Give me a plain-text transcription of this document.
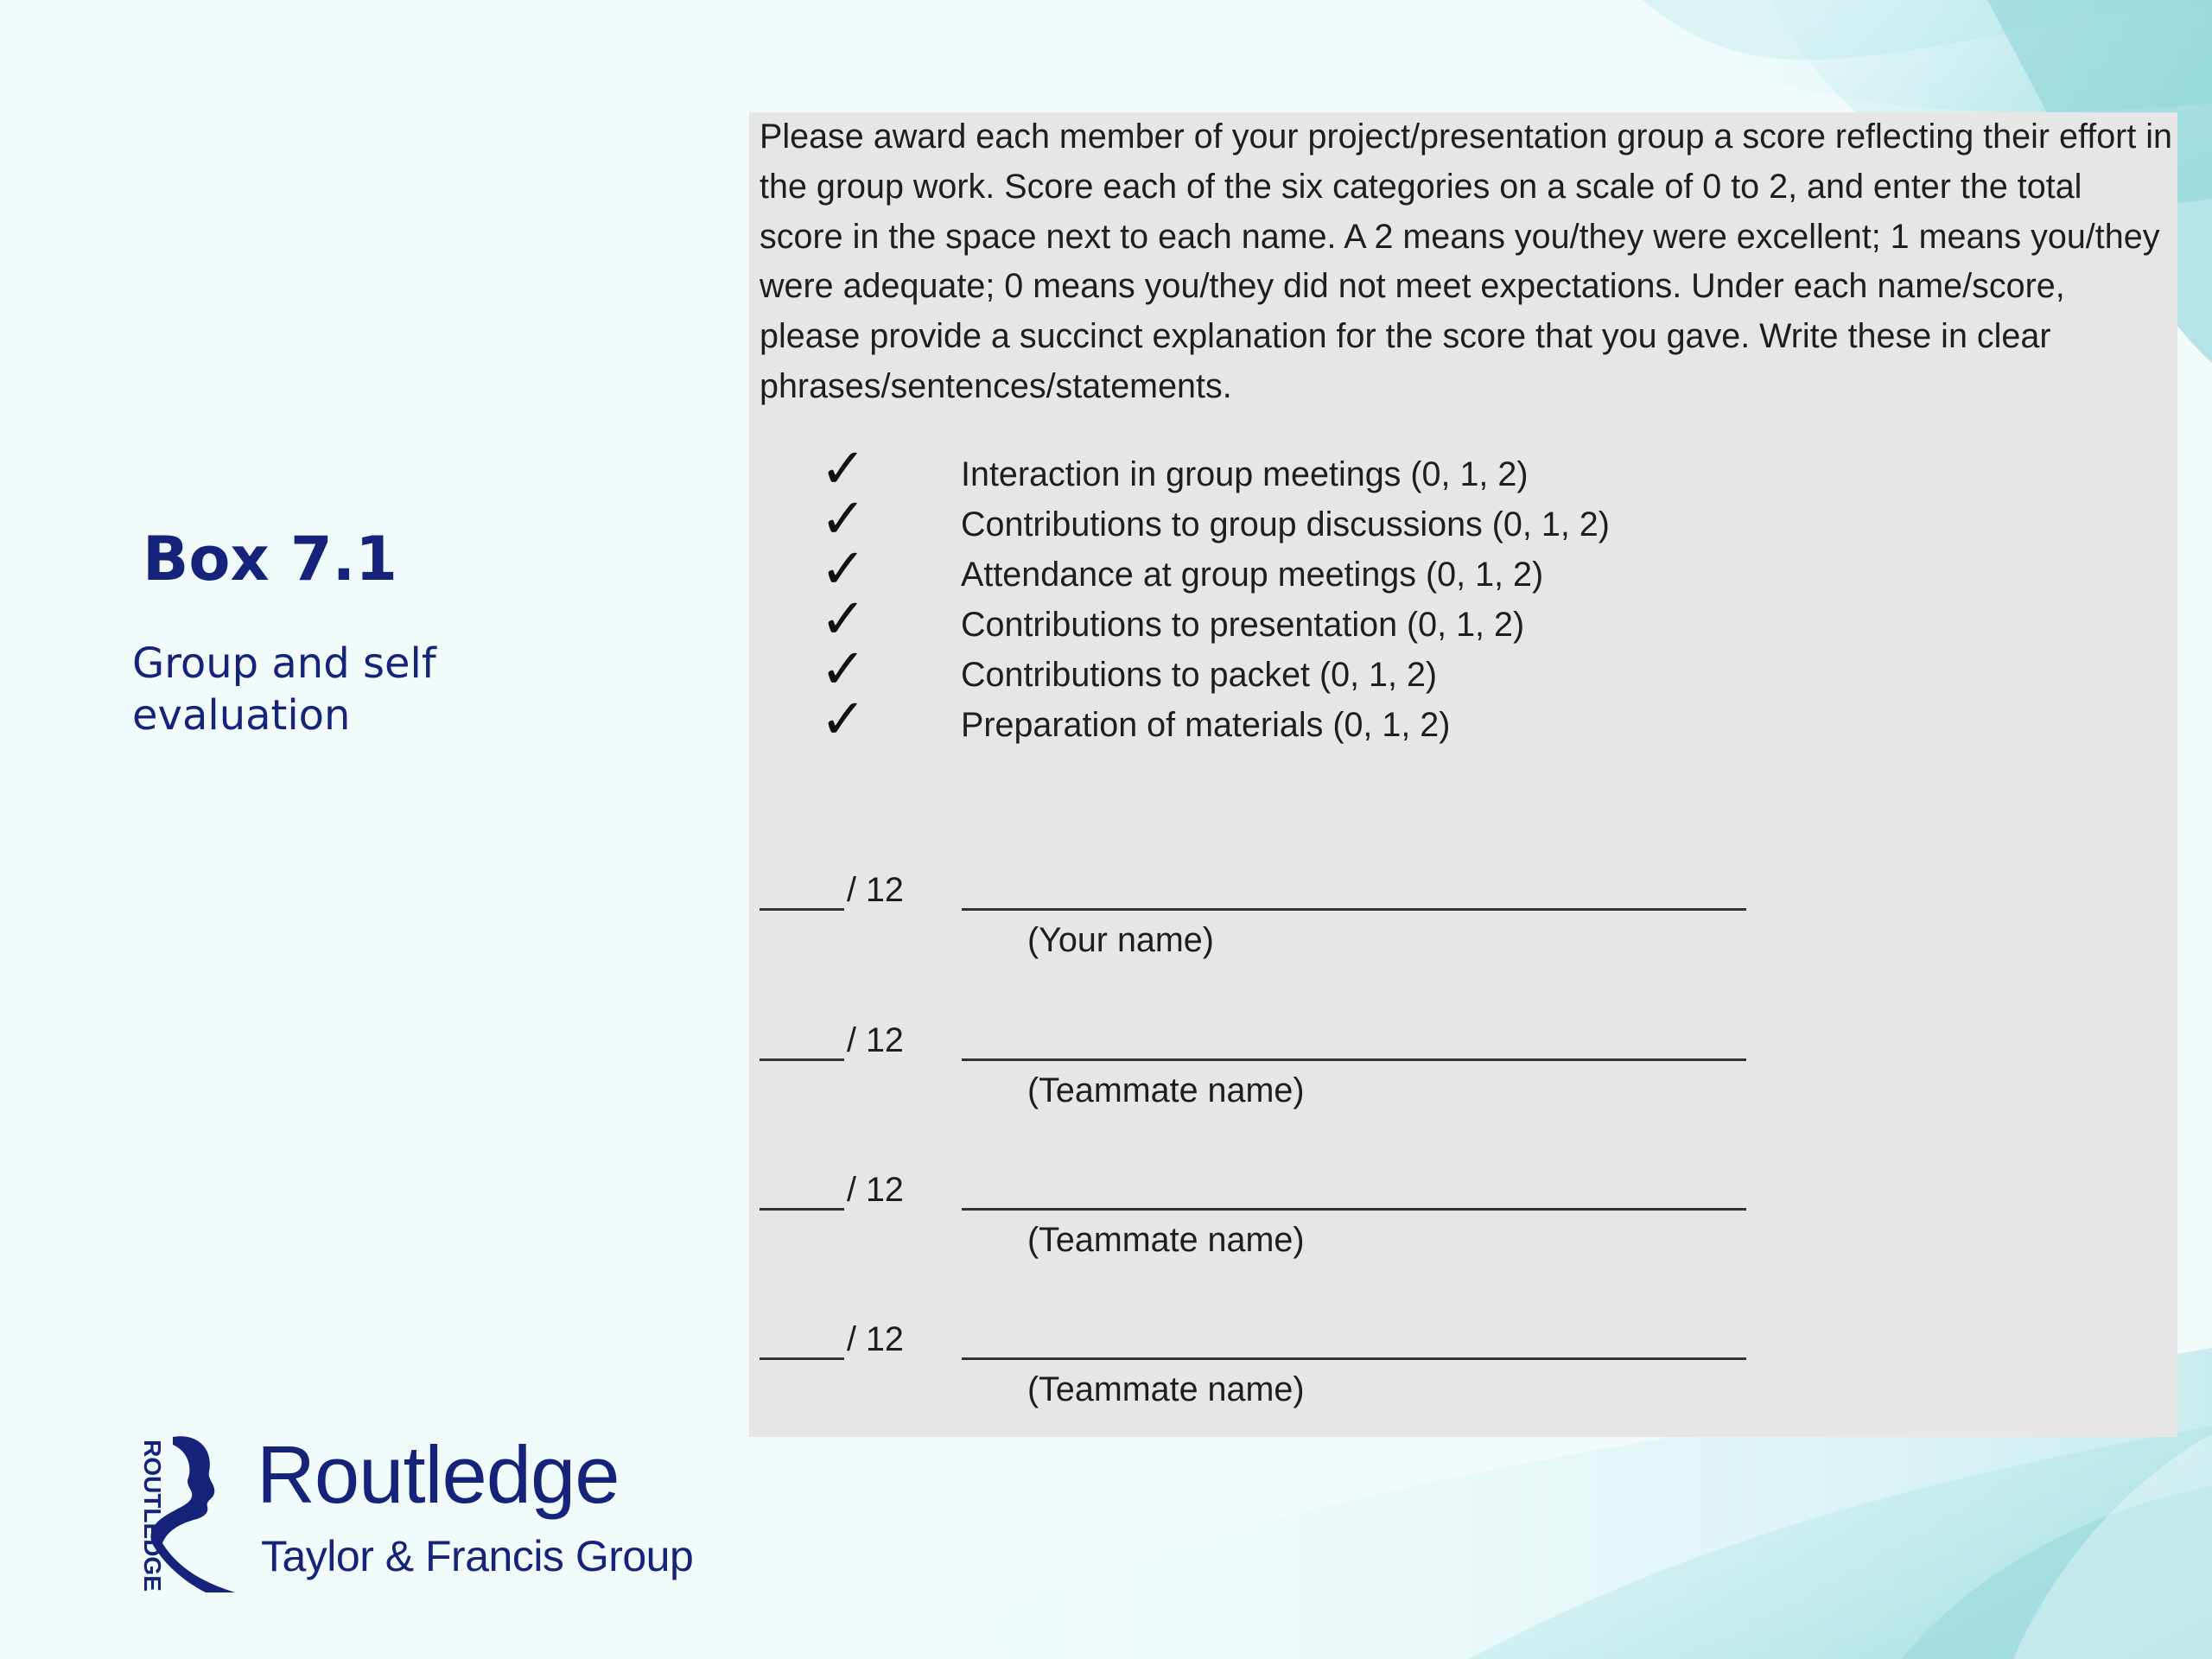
Box 7.1

Group and self evaluation

Please award each member of your project/presentation group a score reflecting their effort in the group work. Score each of the six categories on a scale of 0 to 2, and enter the total score in the space next to each name. A 2 means you/they were excellent; 1 means you/they were adequate; 0 means you/they did not meet expectations. Under each name/score, please provide a succinct explanation for the score that you gave. Write these in clear phrases/sentences/statements.

✓	Interaction in group meetings (0, 1, 2)
✓	Contributions to group discussions (0, 1, 2)
✓	Attendance at group meetings (0, 1, 2)
✓	Contributions to presentation (0, 1, 2)
✓	Contributions to packet (0, 1, 2)
✓	Preparation of materials (0, 1, 2)
/ 12
(Your name)
/ 12
(Teammate name)
/ 12
(Teammate name)
/ 12
(Teammate name)
ROUTLEDGE Routledge
Taylor & Francis Group
